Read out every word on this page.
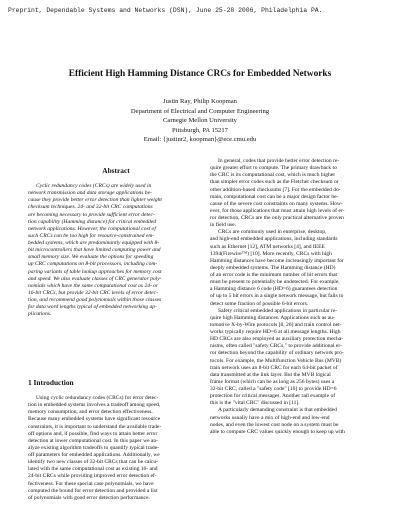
Preprint, Dependable Systems and Networks (DSN), June 25-28 2006, Philadelphia PA.
Efficient High Hamming Distance CRCs for Embedded Networks
Justin Ray, Philip Koopman
Department of Electrical and Computer Engineering
Carnegie Mellon University
Pittsburgh, PA 15217
Email: {justinr2, koopman}@ece.cmu.edu
Abstract
Cyclic redundancy codes (CRCs) are widely used in
network transmission and data storage applications be-
cause they provide better error detection than lighter weight
checksum techniques. 24- and 32-bit CRC computations
are becoming necessary to provide sufficient error detec-
tion capability (Hamming distance) for critical embedded
network applications. However, the computational cost of
such CRCs can be too high for resource-constrained em-
bedded systems, which are predominantly equipped with 8-
bit microcontrollers that have limited computing power and
small memory size. We evaluate the options for speeding
up CRC computations on 8-bit processors, including com-
paring variants of table lookup approaches for memory cost
and speed. We also evaluate classes of CRC generator poly-
nomials which have the same computational cost as 24- or
16-bit CRCs, but provide 32-bit CRC levels of error detec-
tion, and recommend good polynomials within those classes
for data word lengths typical of embedded networking ap-
plications.
1 Introduction
Using cyclic redundancy codes (CRCs) for error detec-
tion in embedded systems involves a tradeoff among speed,
memory consumption, and error detection effectiveness.
Because many embedded systems have significant resource
constraints, it is important to understand the available trade-
off options and, if possible, find ways to attain better error
detection at lower computational cost. In this paper we an-
alyze existing algorithm tradeoffs to quantify typical trade-
off parameters for embedded applications. Additionally, we
identify two new classes of 32-bit CRCs that can be calcu-
lated with the same computational cost as existing 16- and
24-bit CRCs while providing improved error detection ef-
fectiveness. For these special case polynomials, we have
computed the bound for error detection and provided a list
of polynomials with good error detection performance.
In general, codes that provide better error detection re-
quire greater effort to compute. The primary drawback to
the CRC is its computational cost, which is much higher
than simpler error codes such as the Fletcher checksum or
other addition-based checksums [7]. For the embedded do-
main, computational cost can be a major design factor be-
cause of the severe cost constraints on many systems. How-
ever, for those applications that must attain high levels of er-
ror detection, CRCs are the only practical alternative proven
in field use.
CRCs are commonly used in enterprise, desktop,
and high-end embedded applications, including standards
such as Ethernet [12], ATM networks [4], and IEEE
1394(Firewire™) [10]. More recently, CRCs with high
Hamming distances have become increasingly important for
deeply embedded systems. The Hamming distance (HD)
of an error code is the minimum number of bit errors that
must be present to potentially be undetected. For example,
a Hamming distance 6 code (HD=6) guarantees detection
of up to 5 bit errors in a single network message, but fails to
detect some fraction of possible 6-bit errors.
Safety critical embedded applications in particular re-
quire high Hamming distances. Applications such as au-
tomotive X-by-Wire protocols [8, 26] and train control net-
works typically require HD=6 at all message lengths. High
HD CRCs are also employed as auxiliary protection mecha-
nisms, often called "safety CRCs," to provide additional er-
ror detection beyond the capability of ordinary network pro-
tocols. For example, the Multifunction Vehicle Bus (MVB)
train network uses an 8-bit CRC for each 64-bit packet of
data transmitted at the link layer. But the MVB logical
frame format (which can be as long as 256 bytes) uses a
32-bit CRC, called a "safety code" [16] to provide HD=6
protection for critical messages. Another rail example of
this is the "vital CRC" discussed in [11].
A particularly demanding constraint is that embedded
networks usually have a mix of high-end and low-end
nodes, and even the lowest cost node on a system must be
able to compute CRC values quickly enough to keep up with
